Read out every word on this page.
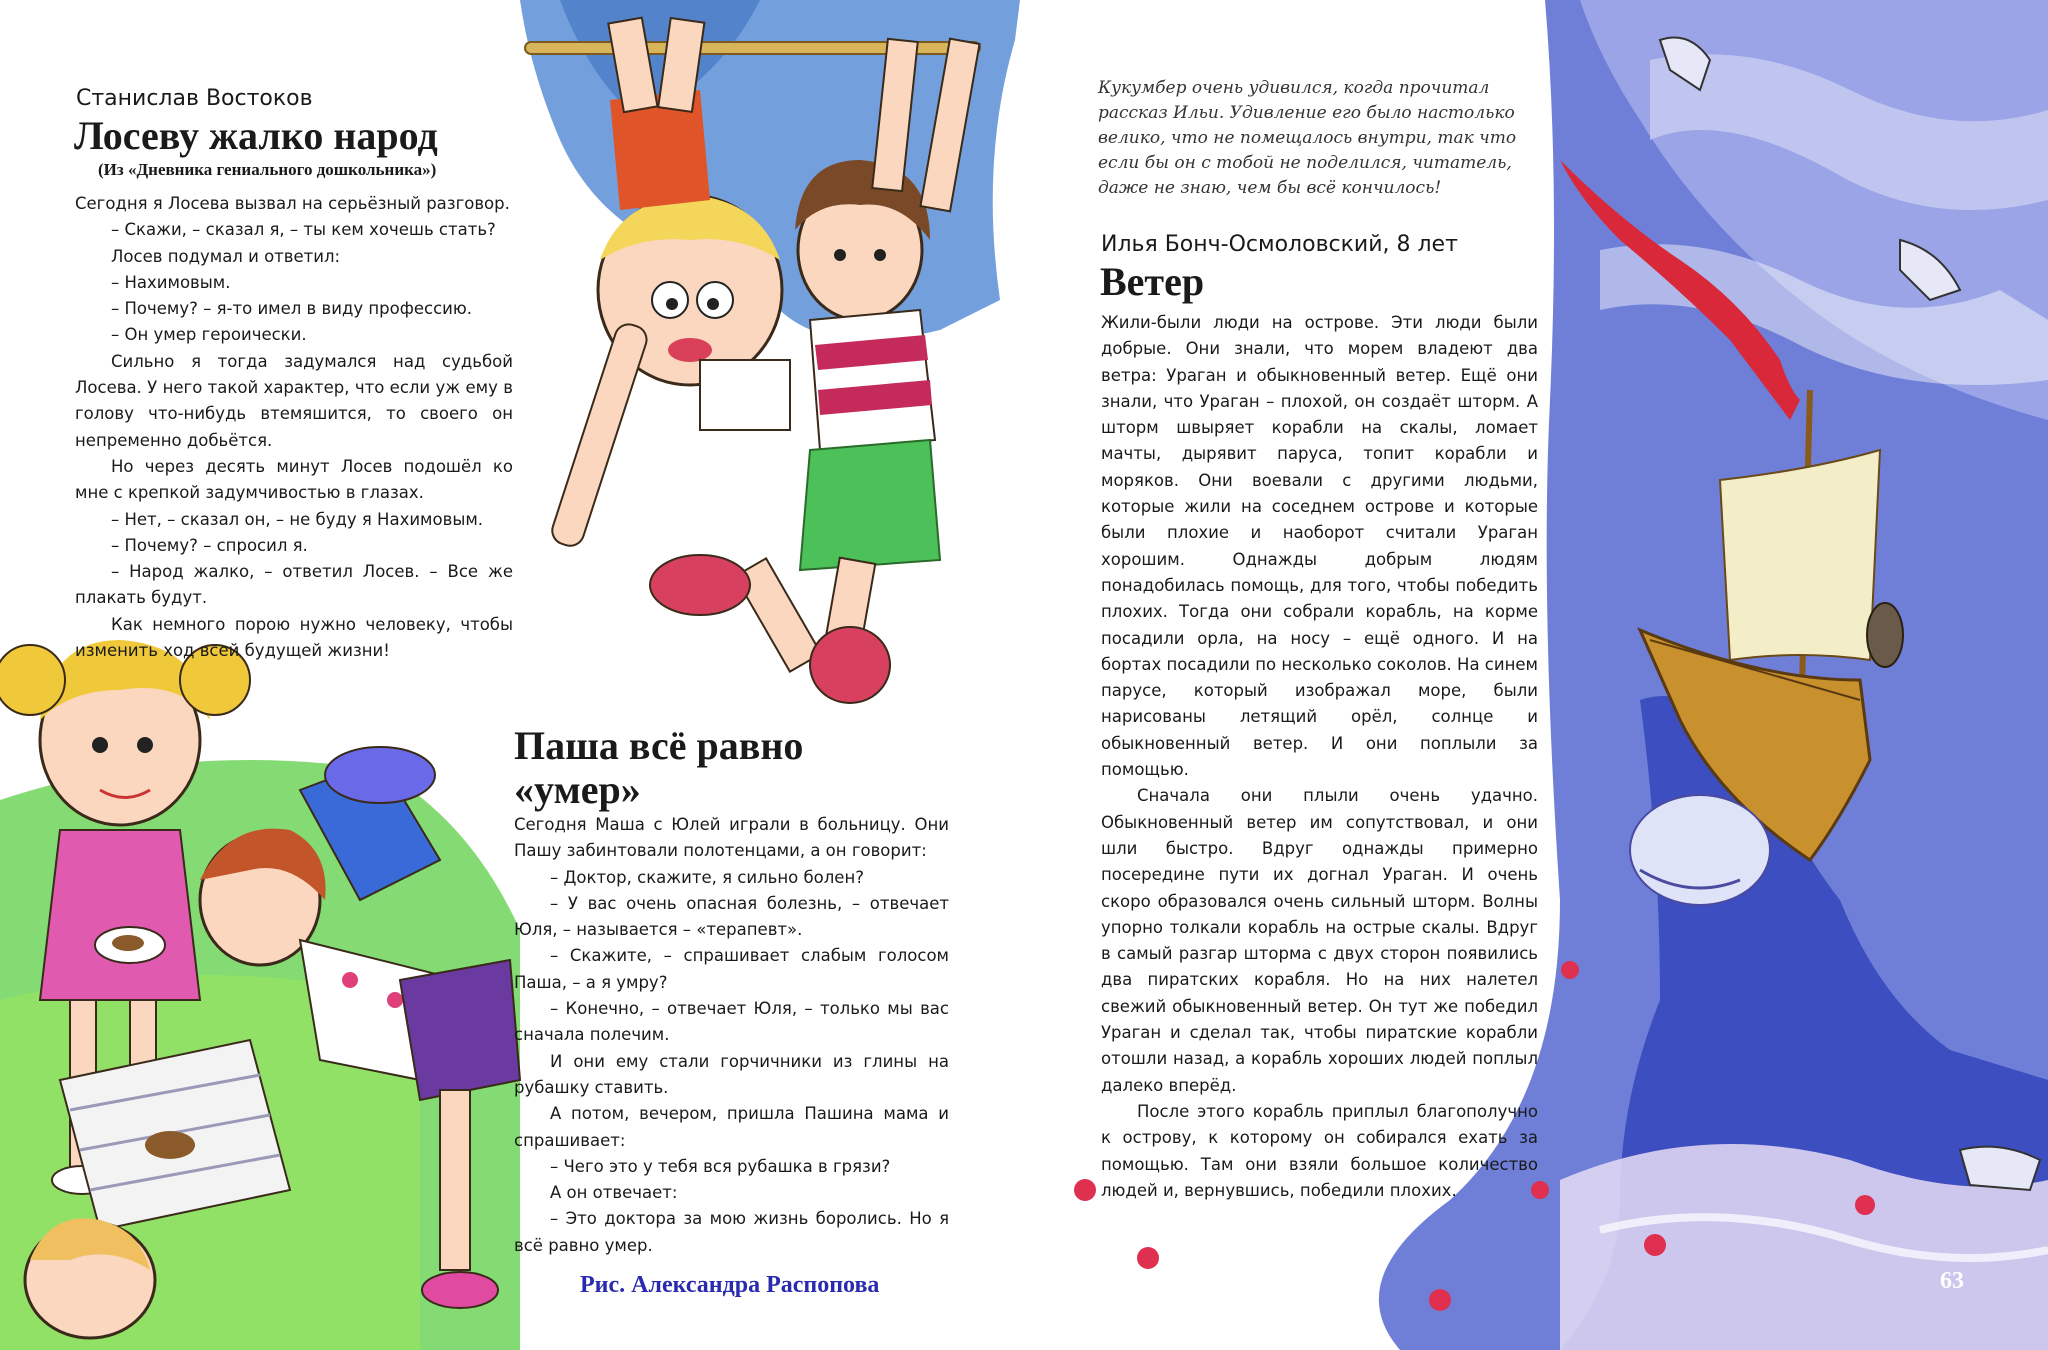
Станислав Востоков
Лосеву жалко народ
(Из «Дневника гениального дошкольника»)

Сегодня я Лосева вызвал на серьёзный разговор.

– Скажи, – сказал я, – ты кем хочешь стать?

Лосев подумал и ответил:

– Нахимовым.

– Почему? – я-то имел в виду профессию.

– Он умер героически.

Сильно я тогда задумался над судьбой Лосева. У него такой характер, что если уж ему в голову что-нибудь втемяшится, то своего он непременно добьётся.

Но через десять минут Лосев подошёл ко мне с крепкой задумчивостью в глазах.

– Нет, – сказал он, – не буду я Нахимовым.

– Почему? – спросил я.

– Народ жалко, – ответил Лосев. – Все же плакать будут.

Как немного порою нужно человеку, чтобы изменить ход всей будущей жизни!

Паша всё равно
«умер»

Сегодня Маша с Юлей играли в больницу. Они Пашу забинтовали полотенцами, а он говорит:

– Доктор, скажите, я сильно болен?

– У вас очень опасная болезнь, – отвечает Юля, – называется – «терапевт».

– Скажите, – спрашивает слабым голосом Паша, – а я умру?

– Конечно, – отвечает Юля, – только мы вас сначала полечим.

И они ему стали горчичники из глины на рубашку ставить.

А потом, вечером, пришла Пашина мама и спрашивает:

– Чего это у тебя вся рубашка в грязи?

А он отвечает:

– Это доктора за мою жизнь боролись. Но я всё равно умер.

Рис. Александра Распопова
Кукумбер очень удивился, когда прочитал рассказ Ильи. Удивление его было настолько велико, что не помещалось внутри, так что если бы он с тобой не поделился, читатель, даже не знаю, чем бы всё кончилось!
Илья Бонч-Осмоловский, 8 лет
Ветер

Жили-были люди на острове. Эти люди были добрые. Они знали, что морем владеют два ветра: Ураган и обыкновенный ветер. Ещё они знали, что Ураган – плохой, он создаёт шторм. А шторм швыряет корабли на скалы, ломает мачты, дырявит паруса, топит корабли и моряков. Они воевали с другими людьми, которые жили на соседнем острове и которые были плохие и наоборот считали Ураган хорошим. Однажды добрым людям понадобилась помощь, для того, чтобы победить плохих. Тогда они собрали корабль, на корме посадили орла, на носу – ещё одного. И на бортах посадили по несколько соколов. На синем парусе, который изображал море, были нарисованы летящий орёл, солнце и обыкновенный ветер. И они поплыли за помощью.

Сначала они плыли очень удачно. Обыкновенный ветер им сопутствовал, и они шли быстро. Вдруг однажды примерно посередине пути их догнал Ураган. И очень скоро образовался очень сильный шторм. Волны упорно толкали корабль на острые скалы. Вдруг в самый разгар шторма с двух сторон появились два пиратских корабля. Но на них налетел свежий обыкновенный ветер. Он тут же победил Ураган и сделал так, чтобы пиратские корабли отошли назад, а корабль хороших людей поплыл далеко вперёд.

После этого корабль приплыл благополучно к острову, к которому он собирался ехать за помощью. Там они взяли большое количество людей и, вернувшись, победили плохих.

63
